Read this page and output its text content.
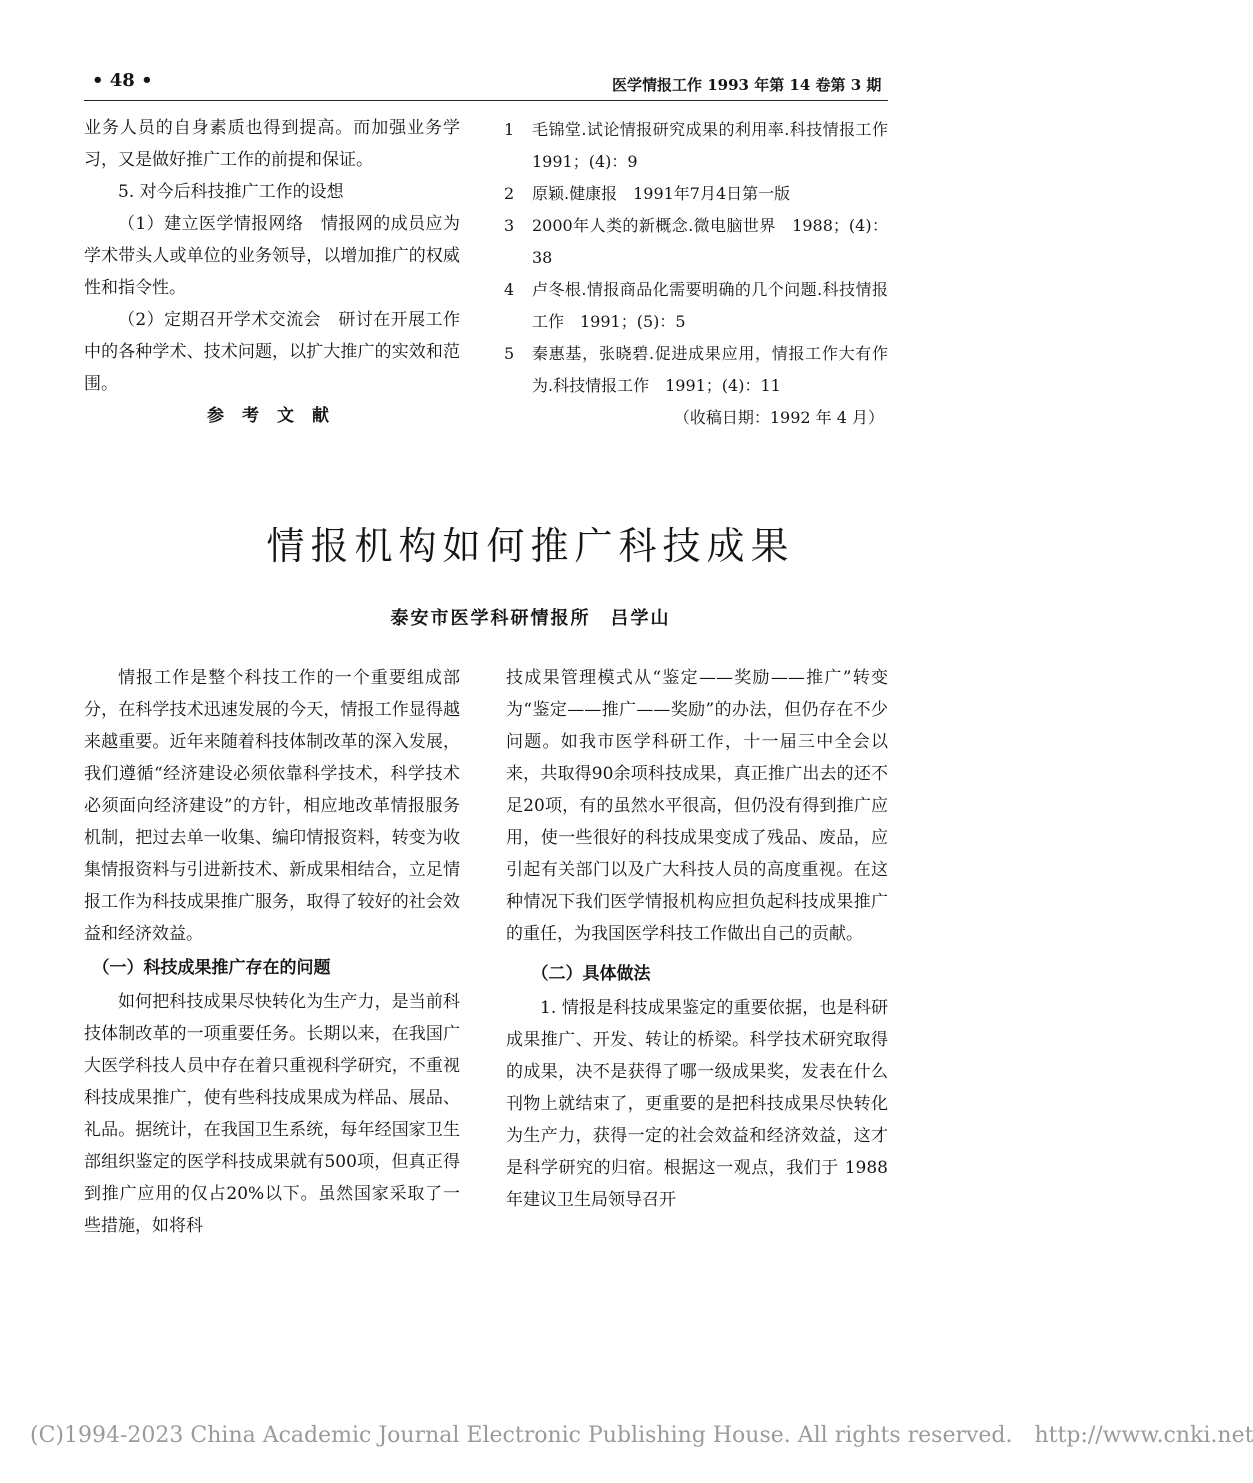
• 48 •	医学情报工作 1993 年第 14 卷第 3 期

业务人员的自身素质也得到提高。而加强业务学习，又是做好推广工作的前提和保证。

5. 对今后科技推广工作的设想

（1）建立医学情报网络　情报网的成员应为学术带头人或单位的业务领导，以增加推广的权威性和指令性。

（2）定期召开学术交流会　研讨在开展工作中的各种学术、技术问题，以扩大推广的实效和范围。

参考文献

1 毛锦堂.试论情报研究成果的利用率.科技情报工作　1991；(4)：9
2 原颖.健康报　1991年7月4日第一版
3 2000年人类的新概念.微电脑世界　1988；(4)：38
4 卢冬根.情报商品化需要明确的几个问题.科技情报工作　1991；(5)：5
5 秦惠基，张晓碧.促进成果应用，情报工作大有作为.科技情报工作　1991；(4)：11

（收稿日期：1992 年 4 月）

情报机构如何推广科技成果
泰安市医学科研情报所　吕学山

情报工作是整个科技工作的一个重要组成部分，在科学技术迅速发展的今天，情报工作显得越来越重要。近年来随着科技体制改革的深入发展，我们遵循“经济建设必须依靠科学技术，科学技术必须面向经济建设”的方针，相应地改革情报服务机制，把过去单一收集、编印情报资料，转变为收集情报资料与引进新技术、新成果相结合，立足情报工作为科技成果推广服务，取得了较好的社会效益和经济效益。

（一）科技成果推广存在的问题

如何把科技成果尽快转化为生产力，是当前科技体制改革的一项重要任务。长期以来，在我国广大医学科技人员中存在着只重视科学研究，不重视科技成果推广，使有些科技成果成为样品、展品、礼品。据统计，在我国卫生系统，每年经国家卫生部组织鉴定的医学科技成果就有500项，但真正得到推广应用的仅占20%以下。虽然国家采取了一些措施，如将科

技成果管理模式从“鉴定——奖励——推广”转变为“鉴定——推广——奖励”的办法，但仍存在不少问题。如我市医学科研工作，十一届三中全会以来，共取得90余项科技成果，真正推广出去的还不足20项，有的虽然水平很高，但仍没有得到推广应用，使一些很好的科技成果变成了残品、废品，应引起有关部门以及广大科技人员的高度重视。在这种情况下我们医学情报机构应担负起科技成果推广的重任，为我国医学科技工作做出自己的贡献。

（二）具体做法

1. 情报是科技成果鉴定的重要依据，也是科研成果推广、开发、转让的桥梁。科学技术研究取得的成果，决不是获得了哪一级成果奖，发表在什么刊物上就结束了，更重要的是把科技成果尽快转化为生产力，获得一定的社会效益和经济效益，这才是科学研究的归宿。根据这一观点，我们于 1988 年建议卫生局领导召开

(C)1994-2023 China Academic Journal Electronic Publishing House. All rights reserved.　http://www.cnki.net
